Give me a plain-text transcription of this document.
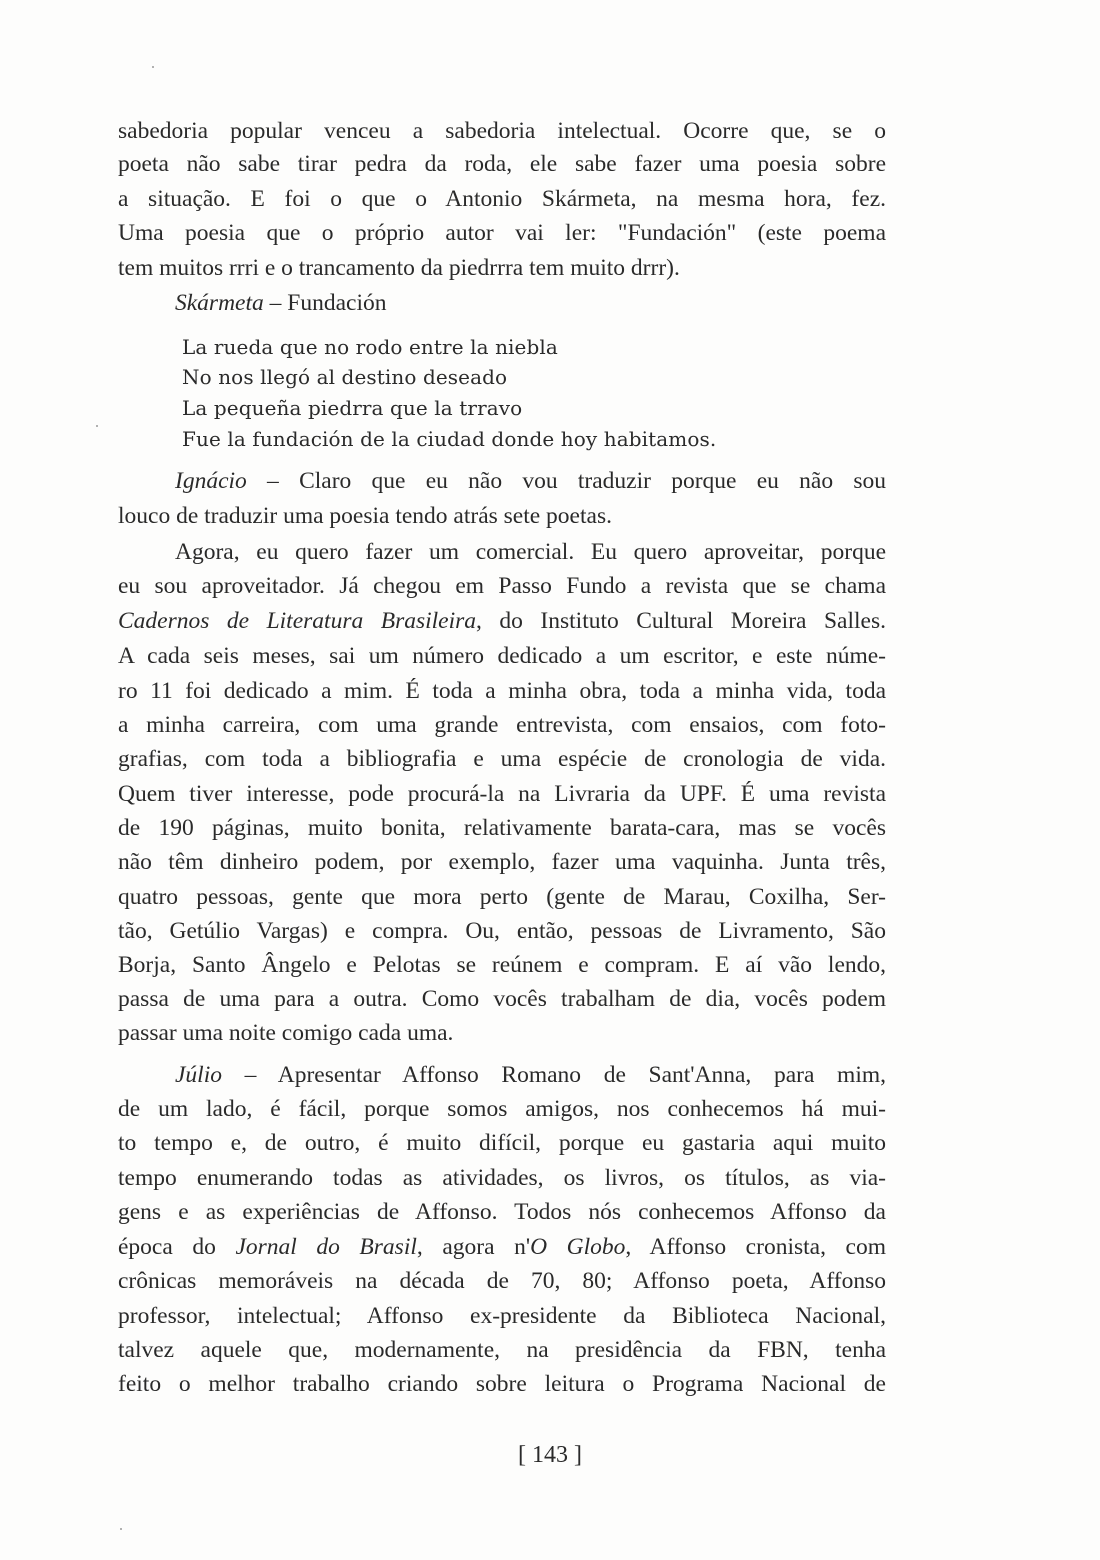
sabedoria popular venceu a sabedoria intelectual. Ocorre que, se o
poeta não sabe tirar pedra da roda, ele sabe fazer uma poesia sobre
a situação. E foi o que o Antonio Skármeta, na mesma hora, fez.
Uma poesia que o próprio autor vai ler: "Fundación" (este poema
tem muitos rrri e o trancamento da piedrrra tem muito drrr).
Skármeta – Fundación
La rueda que no rodo entre la niebla
No nos llegó al destino deseado
La pequeña piedrra que la trravo
Fue la fundación de la ciudad donde hoy habitamos.
Ignácio – Claro que eu não vou traduzir porque eu não sou
louco de traduzir uma poesia tendo atrás sete poetas.
Agora, eu quero fazer um comercial. Eu quero aproveitar, porque
eu sou aproveitador. Já chegou em Passo Fundo a revista que se chama
Cadernos de Literatura Brasileira, do Instituto Cultural Moreira Salles.
A cada seis meses, sai um número dedicado a um escritor, e este núme-
ro 11 foi dedicado a mim. É toda a minha obra, toda a minha vida, toda
a minha carreira, com uma grande entrevista, com ensaios, com foto-
grafias, com toda a bibliografia e uma espécie de cronologia de vida.
Quem tiver interesse, pode procurá-la na Livraria da UPF. É uma revista
de 190 páginas, muito bonita, relativamente barata-cara, mas se vocês
não têm dinheiro podem, por exemplo, fazer uma vaquinha. Junta três,
quatro pessoas, gente que mora perto (gente de Marau, Coxilha, Ser-
tão, Getúlio Vargas) e compra. Ou, então, pessoas de Livramento, São
Borja, Santo Ângelo e Pelotas se reúnem e compram. E aí vão lendo,
passa de uma para a outra. Como vocês trabalham de dia, vocês podem
passar uma noite comigo cada uma.
Júlio – Apresentar Affonso Romano de Sant'Anna, para mim,
de um lado, é fácil, porque somos amigos, nos conhecemos há mui-
to tempo e, de outro, é muito difícil, porque eu gastaria aqui muito
tempo enumerando todas as atividades, os livros, os títulos, as via-
gens e as experiências de Affonso. Todos nós conhecemos Affonso da
época do Jornal do Brasil, agora n'O Globo, Affonso cronista, com
crônicas memoráveis na década de 70, 80; Affonso poeta, Affonso
professor, intelectual; Affonso ex-presidente da Biblioteca Nacional,
talvez aquele que, modernamente, na presidência da FBN, tenha
feito o melhor trabalho criando sobre leitura o Programa Nacional de
[ 143 ]
